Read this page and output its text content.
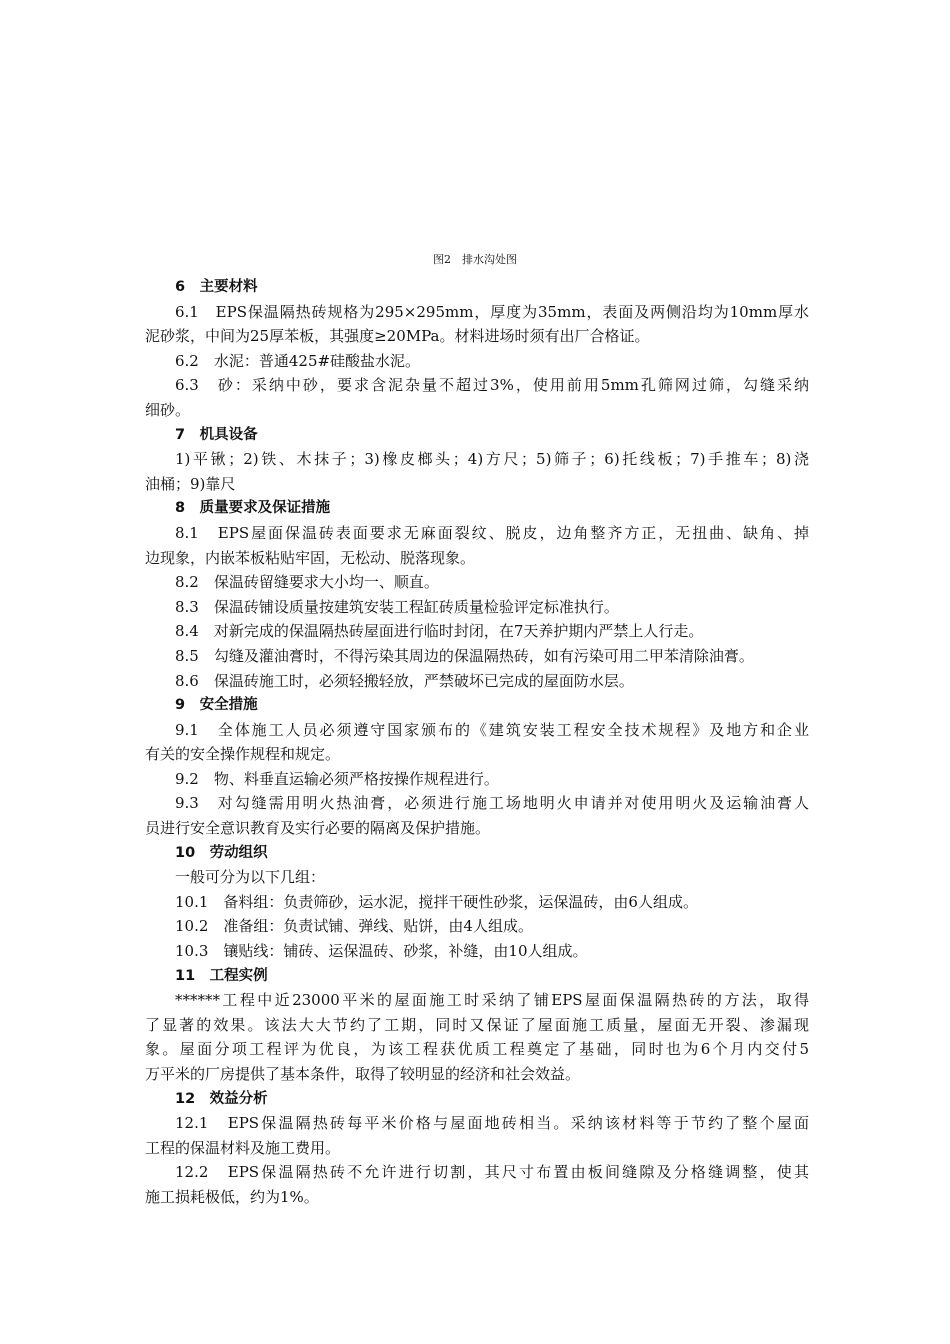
图2　排水沟处图
6　主要材料
6.1　EPS保温隔热砖规格为295×295mm，厚度为35mm，表面及两侧沿均为10mm厚水
泥砂浆，中间为25厚苯板，其强度≥20MPa。材料进场时须有出厂合格证。
6.2　水泥：普通425#硅酸盐水泥。
6.3　砂：采纳中砂，要求含泥杂量不超过3%，使用前用5mm孔筛网过筛，勾缝采纳
细砂。
7　机具设备
1)平锹；2)铁、木抹子；3)橡皮榔头；4)方尺；5)筛子；6)托线板；7)手推车；8)浇
油桶；9)靠尺
8　质量要求及保证措施
8.1　EPS屋面保温砖表面要求无麻面裂纹、脱皮，边角整齐方正，无扭曲、缺角、掉
边现象，内嵌苯板粘贴牢固，无松动、脱落现象。
8.2　保温砖留缝要求大小均一、顺直。
8.3　保温砖铺设质量按建筑安装工程缸砖质量检验评定标准执行。
8.4　对新完成的保温隔热砖屋面进行临时封闭，在7天养护期内严禁上人行走。
8.5　勾缝及灌油膏时，不得污染其周边的保温隔热砖，如有污染可用二甲苯清除油膏。
8.6　保温砖施工时，必须轻搬轻放，严禁破坏已完成的屋面防水层。
9　安全措施
9.1　全体施工人员必须遵守国家颁布的《建筑安装工程安全技术规程》及地方和企业
有关的安全操作规程和规定。
9.2　物、料垂直运输必须严格按操作规程进行。
9.3　对勾缝需用明火热油膏，必须进行施工场地明火申请并对使用明火及运输油膏人
员进行安全意识教育及实行必要的隔离及保护措施。
10　劳动组织
一般可分为以下几组：
10.1　备料组：负责筛砂，运水泥，搅拌干硬性砂浆，运保温砖，由6人组成。
10.2　准备组：负责试铺、弹线、贴饼，由4人组成。
10.3　镶贴线：铺砖、运保温砖、砂浆，补缝，由10人组成。
11　工程实例
******工程中近23000平米的屋面施工时采纳了铺EPS屋面保温隔热砖的方法，取得
了显著的效果。该法大大节约了工期，同时又保证了屋面施工质量，屋面无开裂、渗漏现
象。屋面分项工程评为优良，为该工程获优质工程奠定了基础，同时也为6个月内交付5
万平米的厂房提供了基本条件，取得了较明显的经济和社会效益。
12　效益分析
12.1　EPS保温隔热砖每平米价格与屋面地砖相当。采纳该材料等于节约了整个屋面
工程的保温材料及施工费用。
12.2　EPS保温隔热砖不允许进行切割，其尺寸布置由板间缝隙及分格缝调整，使其
施工损耗极低，约为1%。
